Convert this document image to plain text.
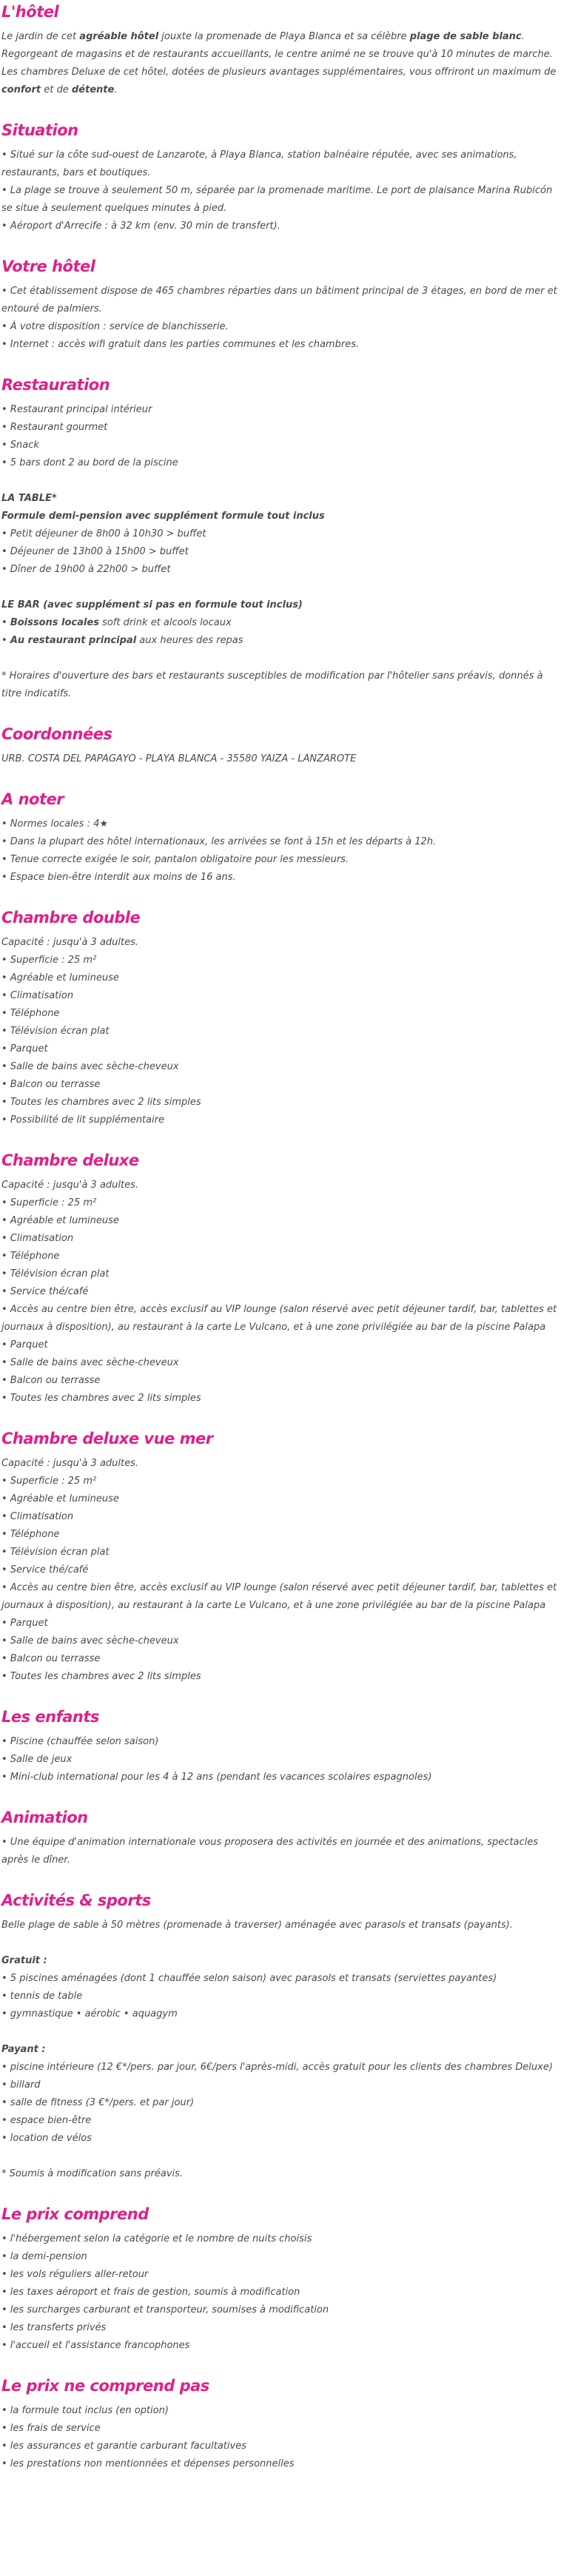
L'hôtel

Le jardin de cet agréable hôtel jouxte la promenade de Playa Blanca et sa célèbre plage de sable blanc. Regorgeant de magasins et de restaurants accueillants, le centre animé ne se trouve qu'à 10 minutes de marche. Les chambres Deluxe de cet hôtel, dotées de plusieurs avantages supplémentaires, vous offriront un maximum de confort et de détente.

Situation

• Situé sur la côte sud-ouest de Lanzarote, à Playa Blanca, station balnéaire réputée, avec ses animations, restaurants, bars et boutiques.
• La plage se trouve à seulement 50 m, séparée par la promenade maritime. Le port de plaisance Marina Rubicón se situe à seulement quelques minutes à pied.
• Aéroport d'Arrecife : à 32 km (env. 30 min de transfert).

Votre hôtel

• Cet établissement dispose de 465 chambres réparties dans un bâtiment principal de 3 étages, en bord de mer et entouré de palmiers.
• À votre disposition : service de blanchisserie.
• Internet : accès wifi gratuit dans les parties communes et les chambres.

Restauration

• Restaurant principal intérieur
• Restaurant gourmet
• Snack
• 5 bars dont 2 au bord de la piscine

LA TABLE*
Formule demi-pension avec supplément formule tout inclus
• Petit déjeuner de 8h00 à 10h30 > buffet
• Déjeuner de 13h00 à 15h00 > buffet
• Dîner de 19h00 à 22h00 > buffet

LE BAR (avec supplément si pas en formule tout inclus)
• Boissons locales soft drink et alcools locaux
• Au restaurant principal aux heures des repas

* Horaires d'ouverture des bars et restaurants susceptibles de modification par l'hôtelier sans préavis, donnés à titre indicatifs.

Coordonnées

URB. COSTA DEL PAPAGAYO - PLAYA BLANCA - 35580 YAIZA - LANZAROTE

A noter

• Normes locales : 4★
• Dans la plupart des hôtel internationaux, les arrivées se font à 15h et les départs à 12h.
• Tenue correcte exigée le soir, pantalon obligatoire pour les messieurs.
• Espace bien-être interdit aux moins de 16 ans.

Chambre double

Capacité : jusqu'à 3 adultes.
• Superficie : 25 m²
• Agréable et lumineuse
• Climatisation
• Téléphone
• Télévision écran plat
• Parquet
• Salle de bains avec sèche-cheveux
• Balcon ou terrasse
• Toutes les chambres avec 2 lits simples
• Possibilité de lit supplémentaire

Chambre deluxe

Capacité : jusqu'à 3 adultes.
• Superficie : 25 m²
• Agréable et lumineuse
• Climatisation
• Téléphone
• Télévision écran plat
• Service thé/café
• Accès au centre bien être, accès exclusif au VIP lounge (salon réservé avec petit déjeuner tardif, bar, tablettes et journaux à disposition), au restaurant à la carte Le Vulcano, et à une zone privilégiée au bar de la piscine Palapa
• Parquet
• Salle de bains avec sèche-cheveux
• Balcon ou terrasse
• Toutes les chambres avec 2 lits simples

Chambre deluxe vue mer

Capacité : jusqu'à 3 adultes.
• Superficie : 25 m²
• Agréable et lumineuse
• Climatisation
• Téléphone
• Télévision écran plat
• Service thé/café
• Accès au centre bien être, accès exclusif au VIP lounge (salon réservé avec petit déjeuner tardif, bar, tablettes et journaux à disposition), au restaurant à la carte Le Vulcano, et à une zone privilégiée au bar de la piscine Palapa
• Parquet
• Salle de bains avec sèche-cheveux
• Balcon ou terrasse
• Toutes les chambres avec 2 lits simples

Les enfants

• Piscine (chauffée selon saison)
• Salle de jeux
• Mini-club international pour les 4 à 12 ans (pendant les vacances scolaires espagnoles)

Animation

• Une équipe d'animation internationale vous proposera des activités en journée et des animations, spectacles après le dîner.

Activités & sports

Belle plage de sable à 50 mètres (promenade à traverser) aménagée avec parasols et transats (payants).

Gratuit :
• 5 piscines aménagées (dont 1 chauffée selon saison) avec parasols et transats (serviettes payantes)
• tennis de table
• gymnastique • aérobic • aquagym

Payant :
• piscine intérieure (12 €*/pers. par jour, 6€/pers l'après-midi, accès gratuit pour les clients des chambres Deluxe)
• billard
• salle de fitness (3 €*/pers. et par jour)
• espace bien-être
• location de vélos

* Soumis à modification sans préavis.

Le prix comprend

• l'hébergement selon la catégorie et le nombre de nuits choisis
• la demi-pension
• les vols réguliers aller-retour
• les taxes aéroport et frais de gestion, soumis à modification
• les surcharges carburant et transporteur, soumises à modification
• les transferts privés
• l'accueil et l'assistance francophones

Le prix ne comprend pas

• la formule tout inclus (en option)
• les frais de service
• les assurances et garantie carburant facultatives
• les prestations non mentionnées et dépenses personnelles
